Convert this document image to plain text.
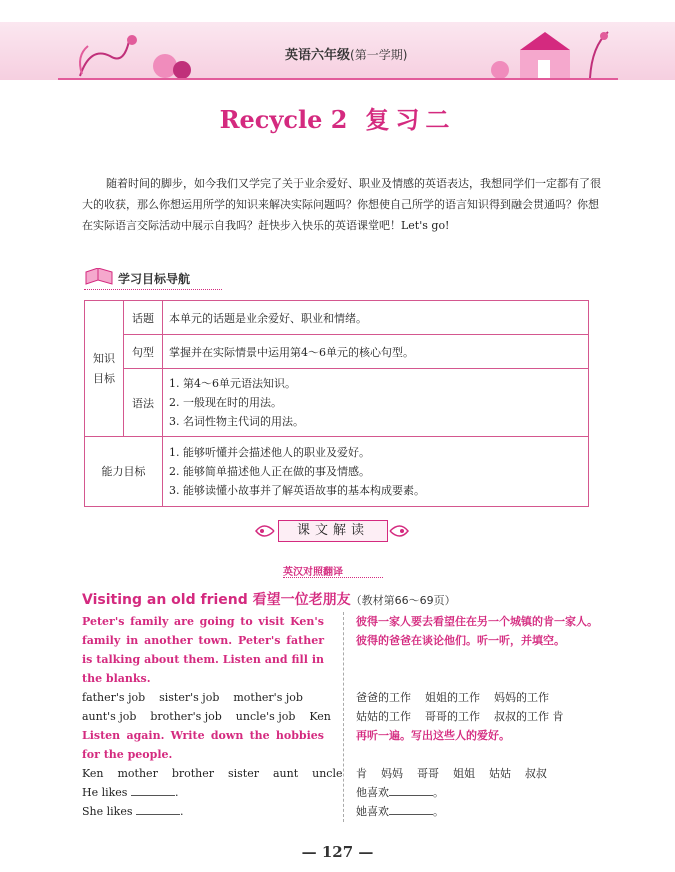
英语六年级(第一学期)
Recycle 2 复习二
随着时间的脚步，如今我们又学完了关于业余爱好、职业及情感的英语表达，我想同学们一定都有了很大的收获，那么你想运用所学的知识来解决实际问题吗？你想使自己所学的语言知识得到融会贯通吗？你想在实际语言交际活动中展示自我吗？赶快步入快乐的英语课堂吧！Let's go!
学习目标导航
知识目标	话题	本单元的话题是业余爱好、职业和情绪。
	句型	掌握并在实际情景中运用第4～6单元的核心句型。
	语法	1. 第4～6单元语法知识。
2. 一般现在时的用法。
3. 名词性物主代词的用法。

能力目标		1. 能够听懂并会描述他人的职业及爱好。
2. 能够简单描述他人正在做的事及情感。
3. 能够读懂小故事并了解英语故事的基本构成要素。
课文解读
英汉对照翻译
Visiting an old friend 看望一位老朋友（教材第66～69页）
Peter's family are going to visit Ken's family in another town. Peter's father is talking about them. Listen and fill in the blanks.
father's job    sister's job    mother's job
aunt's job    brother's job    uncle's job    Ken
Listen again. Write down the hobbies for the people.
Ken    mother    brother    sister    aunt    uncle
He likes	.
She likes	.
彼得一家人要去看望住在另一个城镇的肯一家人。彼得的爸爸在谈论他们。听一听，并填空。
爸爸的工作    姐姐的工作    妈妈的工作
姑姑的工作    哥哥的工作    叔叔的工作 肯
再听一遍。写出这些人的爱好。
肯    妈妈    哥哥    姐姐    姑姑    叔叔
他喜欢	。
她喜欢	。
— 127 —
